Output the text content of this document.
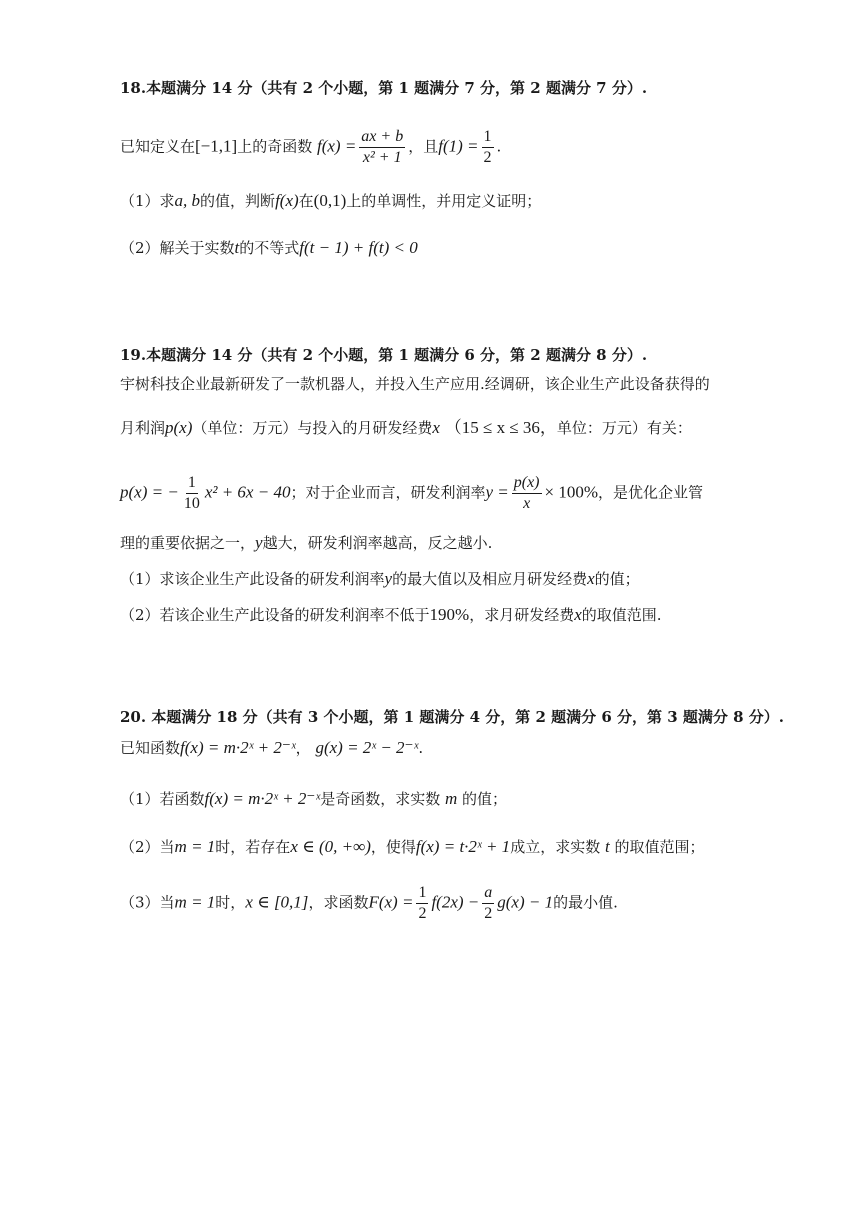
18.本题满分 14 分（共有 2 个小题，第 1 题满分 7 分，第 2 题满分 7 分）.
已知定义在[−1,1]上的奇函数 $f(x) = \frac{ax + b}{\text{x² + 1}}$ ，且$f(1) = \frac{1}{2}$ .
（1）求a, b的值，判断f(x)在(0,1)上的单调性，并用定义证明；
（2）解关于实数t的不等式f(t − 1) + f(t) < 0
19.本题满分 14 分（共有 2 个小题，第 1 题满分 6 分，第 2 题满分 8 分）.
宇树科技企业最新研发了一款机器人，并投入生产应用.经调研，该企业生产此设备获得的
月利润p(x)（单位：万元）与投入的月研发经费x （15 ≤ x ≤ 36，单位：万元）有关：
p(x) = − $\frac{1}{10} x^2 + 6x - 40$；对于企业而言，研发利润率$y = \frac{p(x)}{x} \times 100\%$，是优化企业管
理的重要依据之一，y越大，研发利润率越高，反之越小.
（1）求该企业生产此设备的研发利润率y的最大值以及相应月研发经费x的值；
（2）若该企业生产此设备的研发利润率不低于190%，求月研发经费x的取值范围.
20. 本题满分 18 分（共有 3 个小题，第 1 题满分 4 分，第 2 题满分 6 分，第 3 题满分 8 分）.
已知函数f(x) = m·2ˣ + 2⁻ˣ， g(x) = 2ˣ − 2⁻ˣ.
（1）若函数f(x) = m·2ˣ + 2⁻ˣ是奇函数，求实数 m 的值；
（2）当m = 1时，若存在x ∈ (0, +∞)，使得f(x) = t·2ˣ + 1成立，求实数 t 的取值范围；
（3）当m = 1时，x ∈ [0,1]，求函数$F(x) = \frac{1}{2} f(2x) - \frac{a}{2} g(x) - 1$的最小值.
